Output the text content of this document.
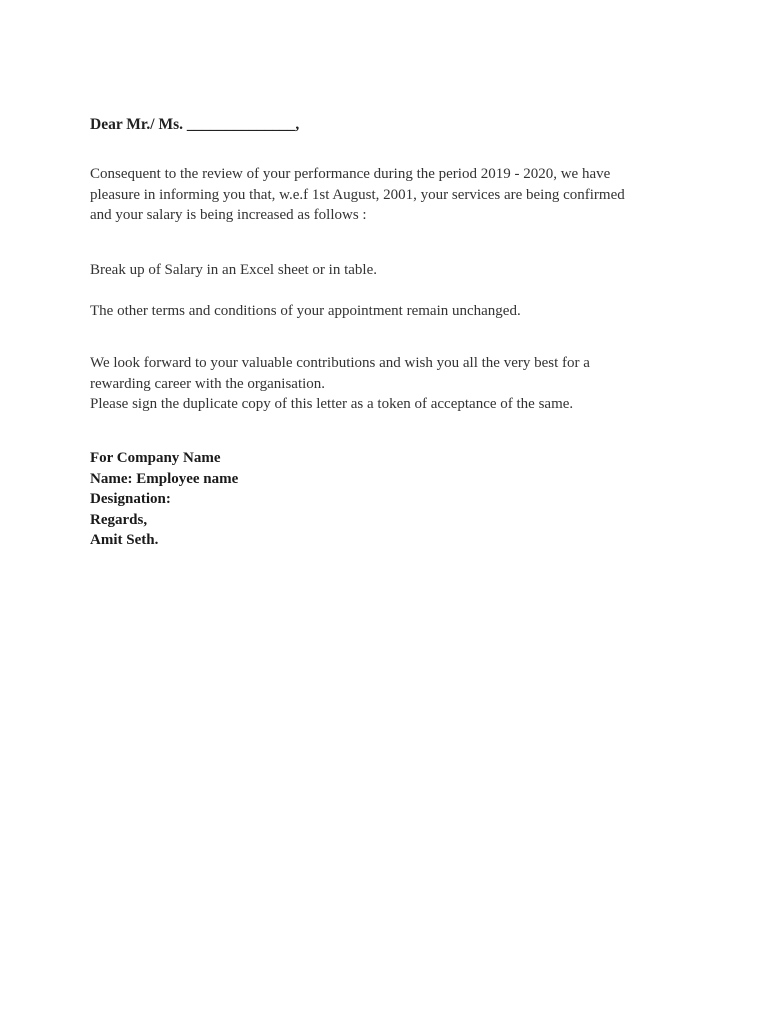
Dear Mr./ Ms. ______________,
Consequent to the review of your performance during the period 2019 - 2020, we have
pleasure in informing you that, w.e.f 1st August, 2001, your services are being confirmed
and your salary is being increased as follows :
Break up of Salary in an Excel sheet or in table.
The other terms and conditions of your appointment remain unchanged.
We look forward to your valuable contributions and wish you all the very best for a
rewarding career with the organisation.
Please sign the duplicate copy of this letter as a token of acceptance of the same.
For Company Name
Name: Employee name
Designation:
Regards,
Amit Seth.
